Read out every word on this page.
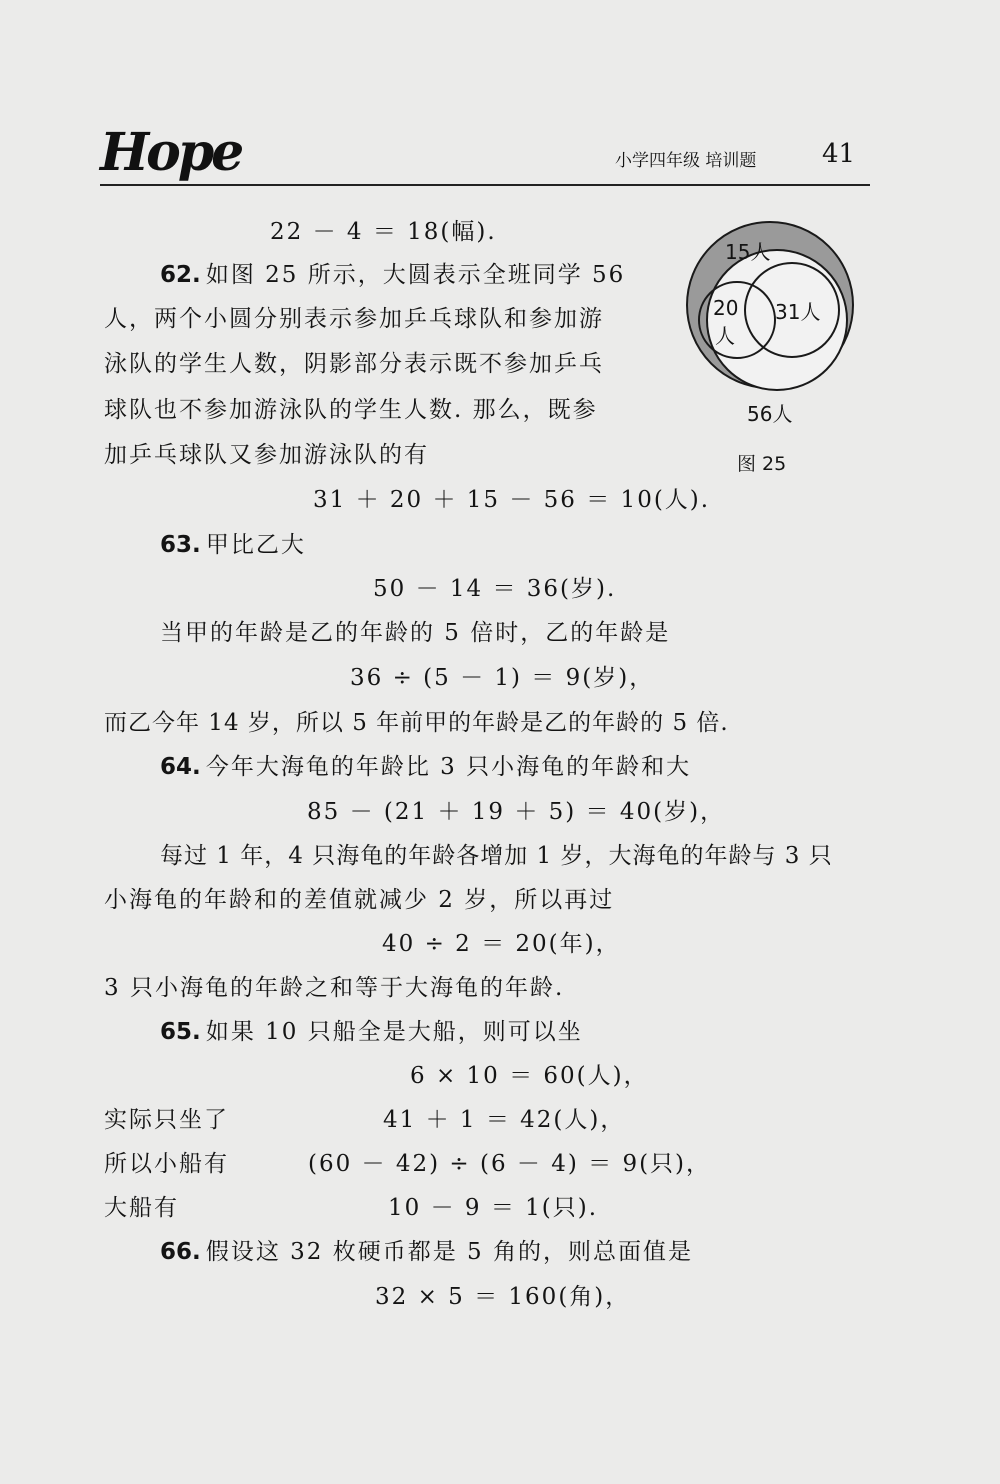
Hope	小学四年级 培训题	41
22 － 4 ＝ 18(幅).
62. 如图 25 所示，大圆表示全班同学 56
人，两个小圆分别表示参加乒乓球队和参加游
泳队的学生人数，阴影部分表示既不参加乒乓
球队也不参加游泳队的学生人数. 那么，既参
加乒乓球队又参加游泳队的有
31 ＋ 20 ＋ 15 － 56 ＝ 10(人).
63. 甲比乙大
50 － 14 ＝ 36(岁).
当甲的年龄是乙的年龄的 5 倍时，乙的年龄是
36 ÷ (5 － 1) ＝ 9(岁)，
而乙今年 14 岁，所以 5 年前甲的年龄是乙的年龄的 5 倍.
64. 今年大海龟的年龄比 3 只小海龟的年龄和大
85 － (21 ＋ 19 ＋ 5) ＝ 40(岁)，
每过 1 年，4 只海龟的年龄各增加 1 岁，大海龟的年龄与 3 只
小海龟的年龄和的差值就减少 2 岁，所以再过
40 ÷ 2 ＝ 20(年)，
3 只小海龟的年龄之和等于大海龟的年龄.
65. 如果 10 只船全是大船，则可以坐
6 × 10 ＝ 60(人)，
实际只坐了	41 ＋ 1 ＝ 42(人)，
所以小船有	(60 － 42) ÷ (6 － 4) ＝ 9(只)，
大船有	10 － 9 ＝ 1(只).
66. 假设这 32 枚硬币都是 5 角的，则总面值是
32 × 5 ＝ 160(角)，
15人
20
人
31人
56人
图 25
